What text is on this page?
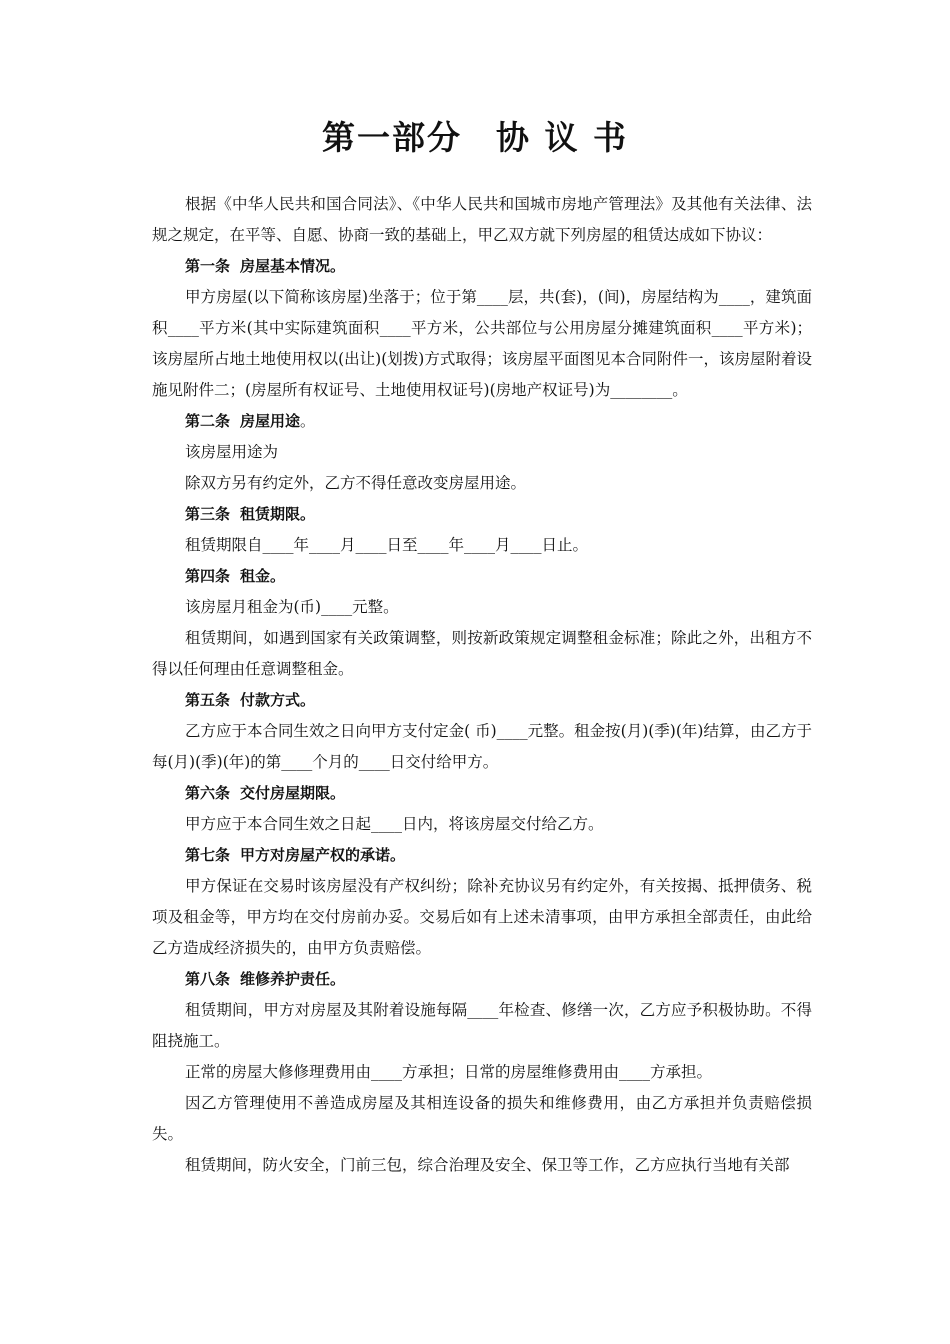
第一部分 协 议 书

根据《中华人民共和国合同法》、《中华人民共和国城市房地产管理法》及其他有关法律、法规之规定，在平等、自愿、协商一致的基础上，甲乙双方就下列房屋的租赁达成如下协议：

第一条 房屋基本情况。

甲方房屋(以下简称该房屋)坐落于；位于第____层，共(套)，(间)，房屋结构为____，建筑面积____平方米(其中实际建筑面积____平方米，公共部位与公用房屋分摊建筑面积____平方米)；该房屋所占地土地使用权以(出让)(划拨)方式取得；该房屋平面图见本合同附件一，该房屋附着设施见附件二；(房屋所有权证号、土地使用权证号)(房地产权证号)为________。

第二条 房屋用途。

该房屋用途为

除双方另有约定外，乙方不得任意改变房屋用途。

第三条 租赁期限。

租赁期限自____年____月____日至____年____月____日止。

第四条 租金。

该房屋月租金为(币)____元整。

租赁期间，如遇到国家有关政策调整，则按新政策规定调整租金标准；除此之外，出租方不得以任何理由任意调整租金。

第五条 付款方式。

乙方应于本合同生效之日向甲方支付定金( 币)____元整。租金按(月)(季)(年)结算，由乙方于每(月)(季)(年)的第____个月的____日交付给甲方。

第六条 交付房屋期限。

甲方应于本合同生效之日起____日内，将该房屋交付给乙方。

第七条 甲方对房屋产权的承诺。

甲方保证在交易时该房屋没有产权纠纷；除补充协议另有约定外，有关按揭、抵押债务、税项及租金等，甲方均在交付房前办妥。交易后如有上述未清事项，由甲方承担全部责任，由此给乙方造成经济损失的，由甲方负责赔偿。

第八条 维修养护责任。

租赁期间，甲方对房屋及其附着设施每隔____年检查、修缮一次，乙方应予积极协助。不得阻挠施工。

正常的房屋大修修理费用由____方承担；日常的房屋维修费用由____方承担。

因乙方管理使用不善造成房屋及其相连设备的损失和维修费用，由乙方承担并负责赔偿损失。

租赁期间，防火安全，门前三包，综合治理及安全、保卫等工作，乙方应执行当地有关部
